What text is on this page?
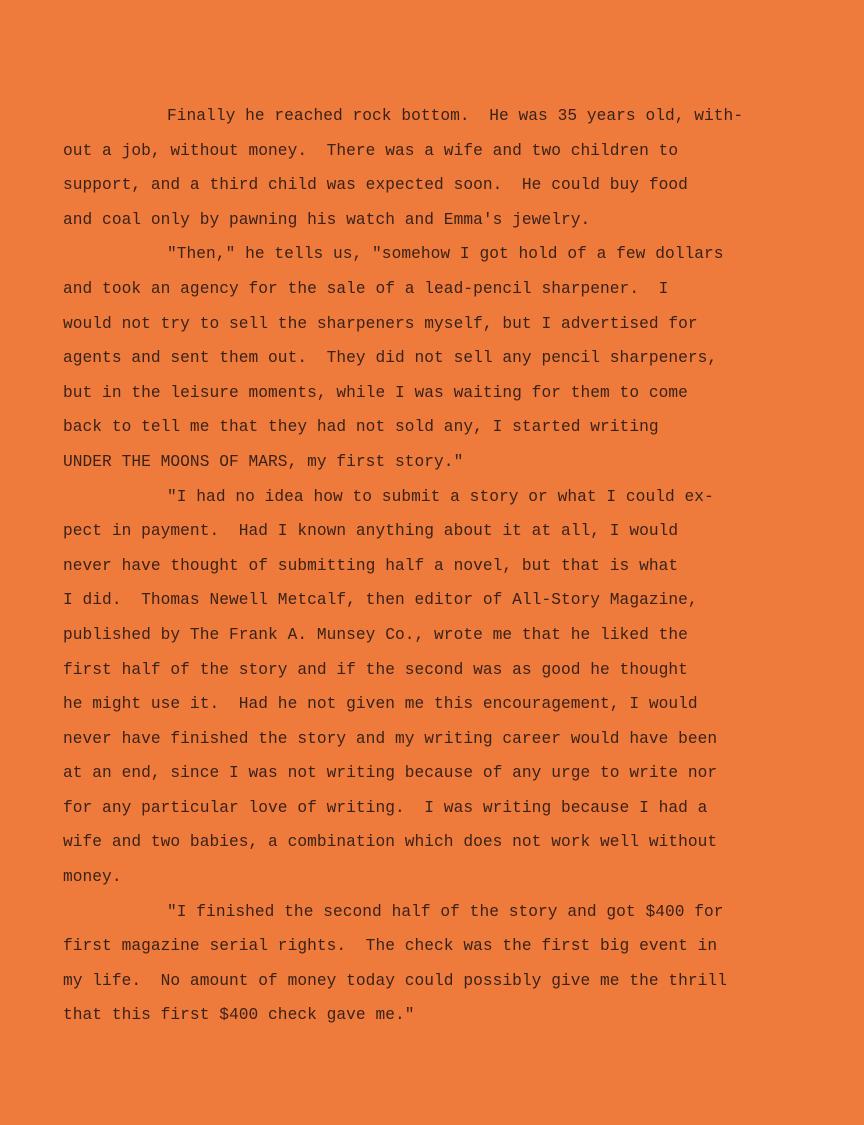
Finally he reached rock bottom.  He was 35 years old, with-
out a job, without money.  There was a wife and two children to
support, and a third child was expected soon.  He could buy food
and coal only by pawning his watch and Emma's jewelry.
"Then," he tells us, "somehow I got hold of a few dollars
and took an agency for the sale of a lead-pencil sharpener.  I
would not try to sell the sharpeners myself, but I advertised for
agents and sent them out.  They did not sell any pencil sharpeners,
but in the leisure moments, while I was waiting for them to come
back to tell me that they had not sold any, I started writing
UNDER THE MOONS OF MARS, my first story."
"I had no idea how to submit a story or what I could ex-
pect in payment.  Had I known anything about it at all, I would
never have thought of submitting half a novel, but that is what
I did.  Thomas Newell Metcalf, then editor of All-Story Magazine,
published by The Frank A. Munsey Co., wrote me that he liked the
first half of the story and if the second was as good he thought
he might use it.  Had he not given me this encouragement, I would
never have finished the story and my writing career would have been
at an end, since I was not writing because of any urge to write nor
for any particular love of writing.  I was writing because I had a
wife and two babies, a combination which does not work well without
money.
"I finished the second half of the story and got $400 for
first magazine serial rights.  The check was the first big event in
my life.  No amount of money today could possibly give me the thrill
that this first $400 check gave me."
